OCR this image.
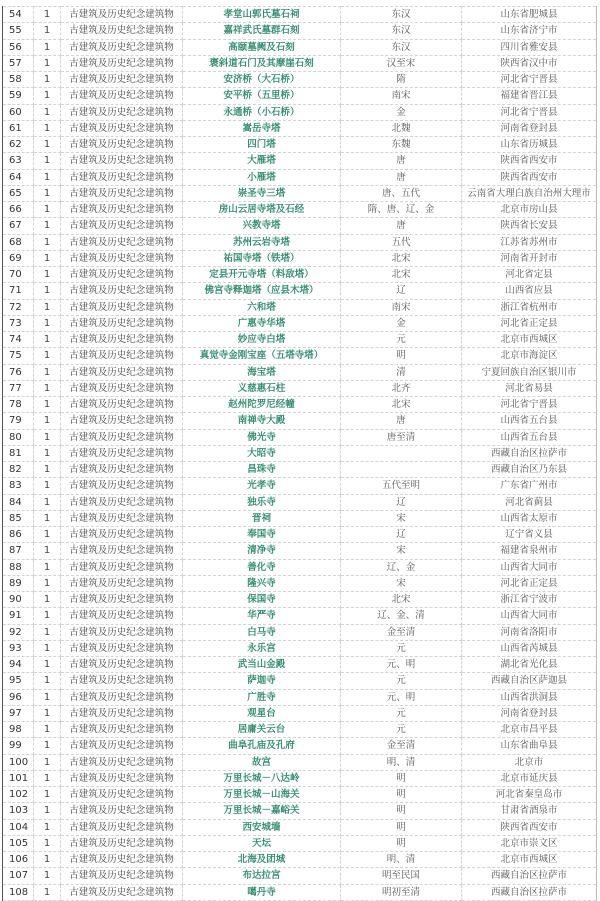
54	1	古建筑及历史纪念建筑物	孝堂山郭氏墓石祠	东汉	山东省肥城县
55	1	古建筑及历史纪念建筑物	嘉祥武氏墓群石刻	东汉	山东省济宁市
56	1	古建筑及历史纪念建筑物	高颐墓阙及石刻	东汉	四川省雅安县
57	1	古建筑及历史纪念建筑物	褒斜道石门及其摩崖石刻	汉至宋	陕西省汉中市
58	1	古建筑及历史纪念建筑物	安济桥（大石桥）	隋	河北省宁晋县
59	1	古建筑及历史纪念建筑物	安平桥（五里桥）	南宋	福建省晋江县
60	1	古建筑及历史纪念建筑物	永通桥（小石桥）	金	河北省宁晋县
61	1	古建筑及历史纪念建筑物	嵩岳寺塔	北魏	河南省登封县
62	1	古建筑及历史纪念建筑物	四门塔	东魏	山东省历城县
63	1	古建筑及历史纪念建筑物	大雁塔	唐	陕西省西安市
64	1	古建筑及历史纪念建筑物	小雁塔	唐	陕西省西安市
65	1	古建筑及历史纪念建筑物	崇圣寺三塔	唐、五代	云南省大理白族自治州大理市
66	1	古建筑及历史纪念建筑物	房山云居寺塔及石经	隋、唐、辽、金	北京市房山县
67	1	古建筑及历史纪念建筑物	兴教寺塔	唐	陕西省长安县
68	1	古建筑及历史纪念建筑物	苏州云岩寺塔	五代	江苏省苏州市
69	1	古建筑及历史纪念建筑物	祐国寺塔（铁塔）	北宋	河南省开封市
70	1	古建筑及历史纪念建筑物	定县开元寺塔（料敌塔）	北宋	河北省定县
71	1	古建筑及历史纪念建筑物	佛宫寺释迦塔（应县木塔）	辽	山西省应县
72	1	古建筑及历史纪念建筑物	六和塔	南宋	浙江省杭州市
73	1	古建筑及历史纪念建筑物	广惠寺华塔	金	河北省正定县
74	1	古建筑及历史纪念建筑物	妙应寺白塔	元	北京市西城区
75	1	古建筑及历史纪念建筑物	真觉寺金刚宝座（五塔寺塔）	明	北京市海淀区
76	1	古建筑及历史纪念建筑物	海宝塔	清	宁夏回族自治区银川市
77	1	古建筑及历史纪念建筑物	义慈惠石柱	北齐	河北省易县
78	1	古建筑及历史纪念建筑物	赵州陀罗尼经幢	北宋	河北省宁晋县
79	1	古建筑及历史纪念建筑物	南禅寺大殿	唐	山西省五台县
80	1	古建筑及历史纪念建筑物	佛光寺	唐至清	山西省五台县
81	1	古建筑及历史纪念建筑物	大昭寺		西藏自治区拉萨市
82	1	古建筑及历史纪念建筑物	昌珠寺		西藏自治区乃东县
83	1	古建筑及历史纪念建筑物	光孝寺	五代至明	广东省广州市
84	1	古建筑及历史纪念建筑物	独乐寺	辽	河北省蓟县
85	1	古建筑及历史纪念建筑物	晋祠	宋	山西省太原市
86	1	古建筑及历史纪念建筑物	奉国寺	辽	辽宁省义县
87	1	古建筑及历史纪念建筑物	清净寺	宋	福建省泉州市
88	1	古建筑及历史纪念建筑物	善化寺	辽、金	山西省大同市
89	1	古建筑及历史纪念建筑物	隆兴寺	宋	河北省正定县
90	1	古建筑及历史纪念建筑物	保国寺	北宋	浙江省宁波市
91	1	古建筑及历史纪念建筑物	华严寺	辽、金、清	山西省大同市
92	1	古建筑及历史纪念建筑物	白马寺	金至清	河南省洛阳市
93	1	古建筑及历史纪念建筑物	永乐宫	元	山西省芮城县
94	1	古建筑及历史纪念建筑物	武当山金殿	元、明	湖北省光化县
95	1	古建筑及历史纪念建筑物	萨迦寺	元	西藏自治区萨迦县
96	1	古建筑及历史纪念建筑物	广胜寺	元、明	山西省洪洞县
97	1	古建筑及历史纪念建筑物	观星台	元	河南省登封县
98	1	古建筑及历史纪念建筑物	居庸关云台	元	北京市昌平县
99	1	古建筑及历史纪念建筑物	曲阜孔庙及孔府	金至清	山东省曲阜县
100	1	古建筑及历史纪念建筑物	故宫	明、清	北京市
101	1	古建筑及历史纪念建筑物	万里长城－八达岭	明	北京市延庆县
102	1	古建筑及历史纪念建筑物	万里长城－山海关	明	河北省秦皇岛市
103	1	古建筑及历史纪念建筑物	万里长城－嘉峪关	明	甘肃省酒泉市
104	1	古建筑及历史纪念建筑物	西安城墙	明	陕西省西安市
105	1	古建筑及历史纪念建筑物	天坛	明	北京市崇文区
106	1	古建筑及历史纪念建筑物	北海及团城	明、清	北京市西城区
107	1	古建筑及历史纪念建筑物	布达拉宫	明至民国	西藏自治区拉萨市
108	1	古建筑及历史纪念建筑物	噶丹寺	明初至清	西藏自治区拉萨市
